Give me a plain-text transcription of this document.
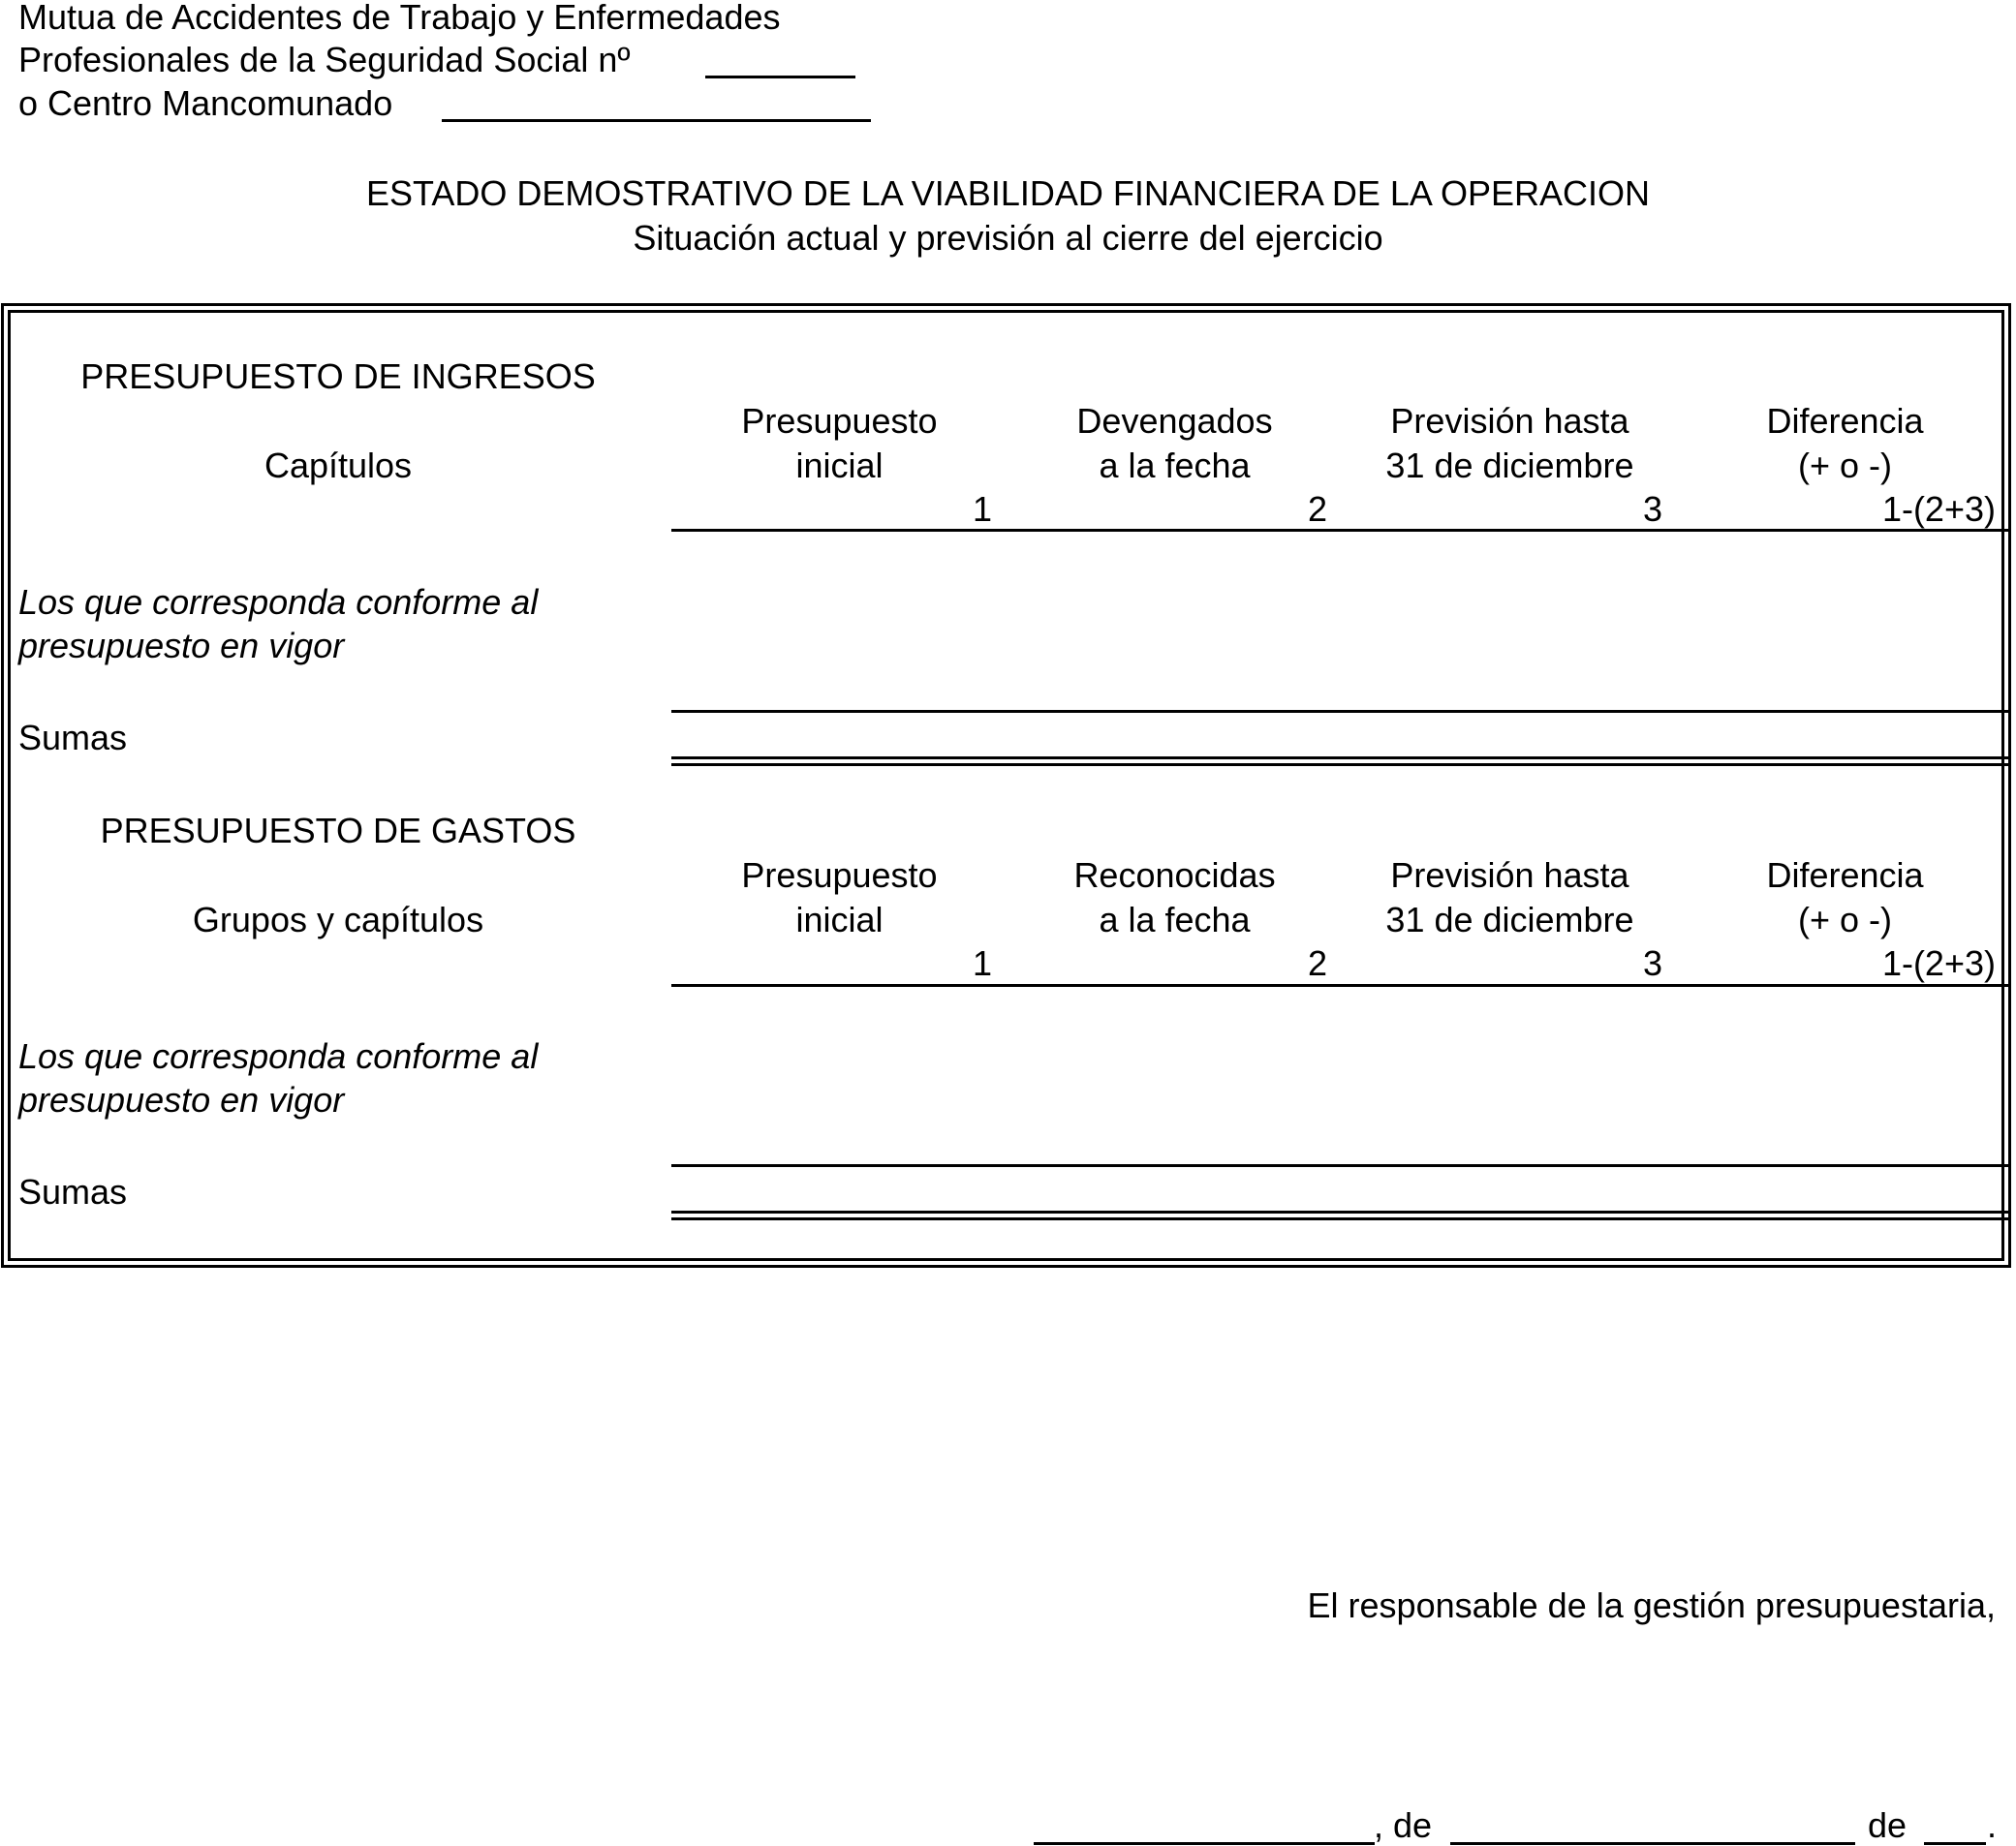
Mutua de Accidentes de Trabajo y Enfermedades
Profesionales de la Seguridad Social nº
o Centro Mancomunado
ESTADO DEMOSTRATIVO DE LA VIABILIDAD FINANCIERA DE LA OPERACION
Situación actual y previsión al cierre del ejercicio
PRESUPUESTO DE INGRESOS
Capítulos
Presupuesto
inicial
1
Devengados
a la fecha
2
Previsión hasta
31 de diciembre
3
Diferencia
(+ o -)
1-(2+3)
Los que corresponda conforme al
presupuesto en vigor
Sumas
PRESUPUESTO DE GASTOS
Grupos y capítulos
Presupuesto
inicial
1
Reconocidas
a la fecha
2
Previsión hasta
31 de diciembre
3
Diferencia
(+ o -)
1-(2+3)
Los que corresponda conforme al
presupuesto en vigor
Sumas
El responsable de la gestión presupuestaria,
, de	de .
